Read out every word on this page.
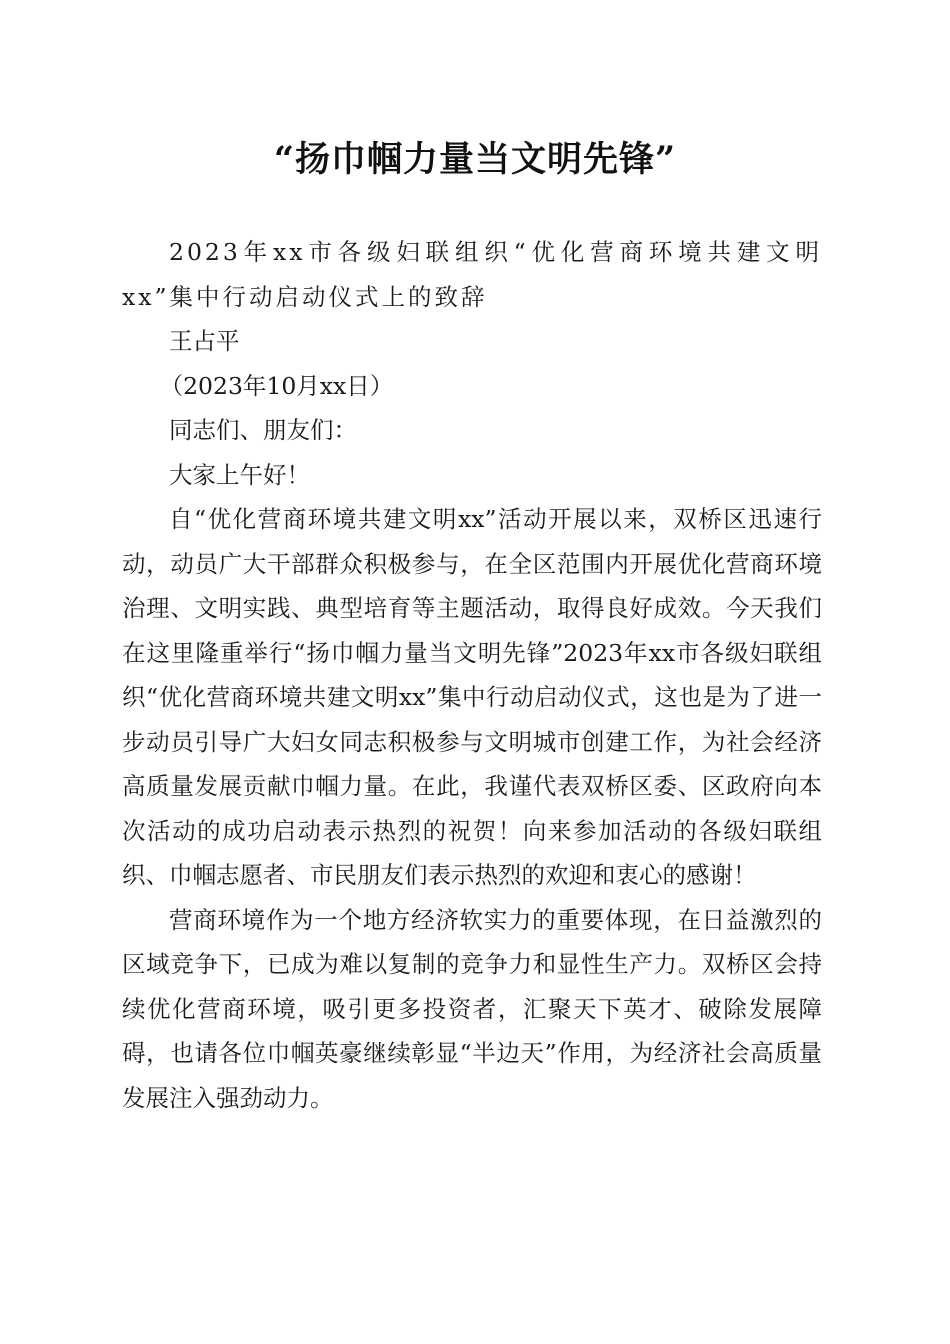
“扬巾帼力量当文明先锋”

2023年xx市各级妇联组织“优化营商环境共建文明xx”集中行动启动仪式上的致辞

王占平

（2023年10月xx日）

同志们、朋友们：

大家上午好！

自“优化营商环境共建文明xx”活动开展以来，双桥区迅速行动，动员广大干部群众积极参与，在全区范围内开展优化营商环境治理、文明实践、典型培育等主题活动，取得良好成效。今天我们在这里隆重举行“扬巾帼力量当文明先锋”2023年xx市各级妇联组织“优化营商环境共建文明xx”集中行动启动仪式，这也是为了进一步动员引导广大妇女同志积极参与文明城市创建工作，为社会经济高质量发展贡献巾帼力量。在此，我谨代表双桥区委、区政府向本次活动的成功启动表示热烈的祝贺！向来参加活动的各级妇联组织、巾帼志愿者、市民朋友们表示热烈的欢迎和衷心的感谢！

营商环境作为一个地方经济软实力的重要体现，在日益激烈的区域竞争下，已成为难以复制的竞争力和显性生产力。双桥区会持续优化营商环境，吸引更多投资者，汇聚天下英才、破除发展障碍，也请各位巾帼英豪继续彰显“半边天”作用，为经济社会高质量发展注入强劲动力。
